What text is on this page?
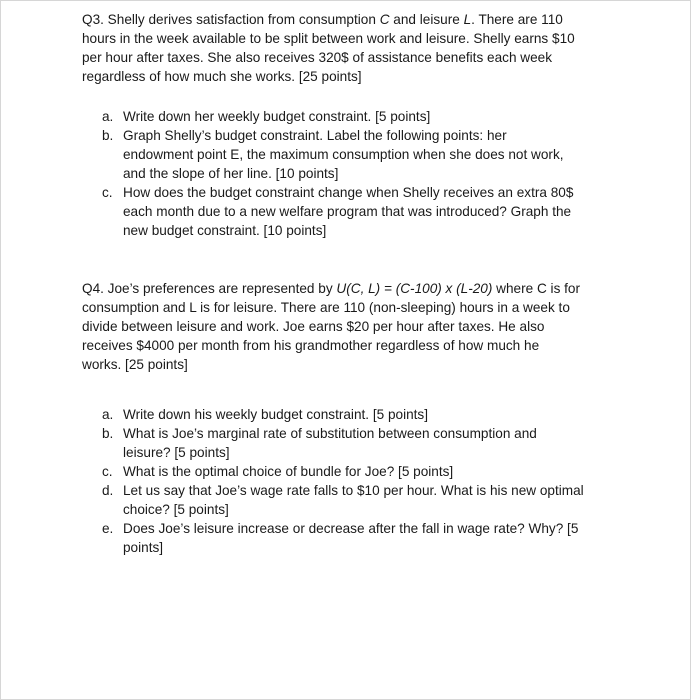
Q3. Shelly derives satisfaction from consumption C and leisure L. There are 110
hours in the week available to be split between work and leisure. Shelly earns $10
per hour after taxes. She also receives 320$ of assistance benefits each week
regardless of how much she works. [25 points]

a. Write down her weekly budget constraint. [5 points]
b. Graph Shelly’s budget constraint. Label the following points: her
endowment point E, the maximum consumption when she does not work,
and the slope of her line. [10 points]
c. How does the budget constraint change when Shelly receives an extra 80$
each month due to a new welfare program that was introduced? Graph the
new budget constraint. [10 points]

Q4. Joe’s preferences are represented by U(C, L) = (C-100) x (L-20) where C is for
consumption and L is for leisure. There are 110 (non-sleeping) hours in a week to
divide between leisure and work. Joe earns $20 per hour after taxes. He also
receives $4000 per month from his grandmother regardless of how much he
works. [25 points]

a. Write down his weekly budget constraint. [5 points]
b. What is Joe’s marginal rate of substitution between consumption and
leisure? [5 points]
c. What is the optimal choice of bundle for Joe? [5 points]
d. Let us say that Joe’s wage rate falls to $10 per hour. What is his new optimal
choice? [5 points]
e. Does Joe’s leisure increase or decrease after the fall in wage rate? Why? [5
points]
